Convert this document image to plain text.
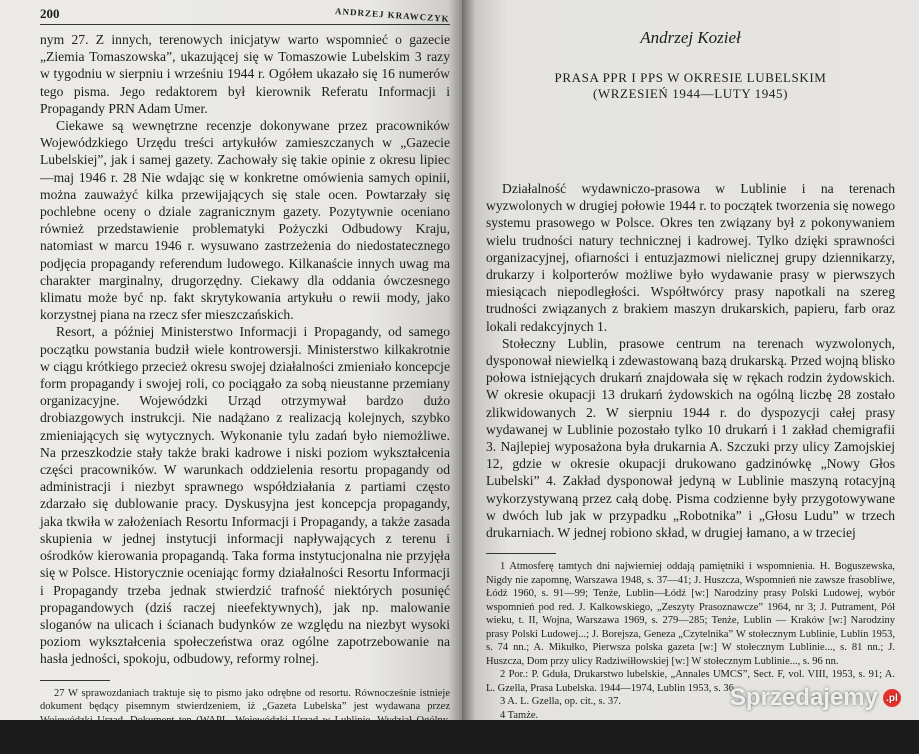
200	ANDRZEJ KRAWCZYK

nym 27. Z innych, terenowych inicjatyw warto wspomnieć o gazecie „Ziemia Tomaszowska”, ukazującej się w Tomaszowie Lubelskim 3 razy w tygodniu w sierpniu i wrześniu 1944 r. Ogółem ukazało się 16 numerów tego pisma. Jego redaktorem był kierownik Referatu Informacji i Propagandy PRN Adam Umer.

Ciekawe są wewnętrzne recenzje dokonywane przez pracowników Wojewódzkiego Urzędu treści artykułów zamieszczanych w „Gazecie Lubelskiej”, jak i samej gazety. Zachowały się takie opinie z okresu lipiec—maj 1946 r. 28 Nie wdając się w konkretne omówienia samych opinii, można zauważyć kilka przewijających się stale ocen. Powtarzały się pochlebne oceny o dziale zagranicznym gazety. Pozytywnie oceniano również przedstawienie problematyki Pożyczki Odbudowy Kraju, natomiast w marcu 1946 r. wysuwano zastrzeżenia do niedostatecznego podjęcia propagandy referendum ludowego. Kilkanaście innych uwag ma charakter marginalny, drugorzędny. Ciekawy dla oddania ówczesnego klimatu może być np. fakt skrytykowania artykułu o rewii mody, jako korzystnej piana na rzecz sfer mieszczańskich.

Resort, a później Ministerstwo Informacji i Propagandy, od samego początku powstania budził wiele kontrowersji. Ministerstwo kilkakrotnie w ciągu krótkiego przecież okresu swojej działalności zmieniało koncepcje form propagandy i swojej roli, co pociągało za sobą nieustanne przemiany organizacyjne. Wojewódzki Urząd otrzymywał bardzo dużo drobiazgowych instrukcji. Nie nadążano z realizacją kolejnych, szybko zmieniających się wytycznych. Wykonanie tylu zadań było niemożliwe. Na przeszkodzie stały także braki kadrowe i niski poziom wykształcenia części pracowników. W warunkach oddzielenia resortu propagandy od administracji i niezbyt sprawnego współdziałania z partiami często zdarzało się dublowanie pracy. Dyskusyjna jest koncepcja propagandy, jaka tkwiła w założeniach Resortu Informacji i Propagandy, a także zasada skupienia w jednej instytucji informacji napływających z terenu i ośrodków kierowania propagandą. Taka forma instytucjonalna nie przyjęła się w Polsce. Historycznie oceniając formy działalności Resortu Informacji i Propagandy trzeba jednak stwierdzić trafność niektórych posunięć propagandowych (dziś raczej nieefektywnych), jak np. malowanie sloganów na ulicach i ścianach budynków ze względu na niezbyt wysoki poziom wykształcenia społeczeństwa oraz ogólne zapotrzebowanie na hasła jedności, spokoju, odbudowy, reformy rolnej.

27 W sprawozdaniach traktuje się to pismo jako odrębne od resortu. Równocześnie istnieje dokument będący pisemnym stwierdzeniem, iż „Gazeta Lubelska” jest wydawana przez Wojewódzki Urząd. Dokument ten (WAPL, Wojewódzki Urząd w Lublinie, Wydział Ogólny, 303), niestety, bez daty, jak wynika z treści, wydany został już po rozpoczęciu edycji gazety.

28 AAN, MIP, k. 670.

Andrzej Kozieł
PRASA PPR I PPS W OKRESIE LUBELSKIM
(WRZESIEŃ 1944—LUTY 1945)

Działalność wydawniczo-prasowa w Lublinie i na terenach wyzwolonych w drugiej połowie 1944 r. to początek tworzenia się nowego systemu prasowego w Polsce. Okres ten związany był z pokonywaniem wielu trudności natury technicznej i kadrowej. Tylko dzięki sprawności organizacyjnej, ofiarności i entuzjazmowi nielicznej grupy dziennikarzy, drukarzy i kolporterów możliwe było wydawanie prasy w pierwszych miesiącach niepodległości. Współtwórcy prasy napotkali na szereg trudności związanych z brakiem maszyn drukarskich, papieru, farb oraz lokali redakcyjnych 1.

Stołeczny Lublin, prasowe centrum na terenach wyzwolonych, dysponował niewielką i zdewastowaną bazą drukarską. Przed wojną blisko połowa istniejących drukarń znajdowała się w rękach rodzin żydowskich. W okresie okupacji 13 drukarń żydowskich na ogólną liczbę 28 zostało zlikwidowanych 2. W sierpniu 1944 r. do dyspozycji całej prasy wydawanej w Lublinie pozostało tylko 10 drukarń i 1 zakład chemigrafii 3. Najlepiej wyposażona była drukarnia A. Szczuki przy ulicy Zamojskiej 12, gdzie w okresie okupacji drukowano gadzinówkę „Nowy Głos Lubelski” 4. Zakład dysponował jedyną w Lublinie maszyną rotacyjną wykorzystywaną przez całą dobę. Pisma codzienne były przygotowywane w dwóch lub jak w przypadku „Robotnika” i „Głosu Ludu” w trzech drukarniach. W jednej robiono skład, w drugiej łamano, a w trzeciej

1 Atmosferę tamtych dni najwierniej oddają pamiętniki i wspomnienia. H. Boguszewska, Nigdy nie zapomnę, Warszawa 1948, s. 37—41; J. Huszcza, Wspomnień nie zawsze frasobliwe, Łódź 1960, s. 91—99; Tenże, Lublin—Łódź [w:] Narodziny prasy Polski Ludowej, wybór wspomnień pod red. J. Kalkowskiego, „Zeszyty Prasoznawcze” 1964, nr 3; J. Putrament, Pół wieku, t. II, Wojna, Warszawa 1969, s. 279—285; Tenże, Lublin — Kraków [w:] Narodziny prasy Polski Ludowej...; J. Borejsza, Geneza „Czytelnika” W stołecznym Lublinie, Lublin 1953, s. 74 nn.; A. Mikułko, Pierwsza polska gazeta [w:] W stołecznym Lublinie..., s. 81 nn.; J. Huszcza, Dom przy ulicy Radziwiłłowskiej [w:] W stołecznym Lublinie..., s. 96 nn.

2 Por.: P. Gduła, Drukarstwo lubelskie, „Annales UMCS”, Sect. F, vol. VIII, 1953, s. 91; A. L. Gzella, Prasa Lubelska. 1944—1974, Lublin 1953, s. 36.

3 A. L. Gzella, op. cit., s. 37.

4 Tamże.

Sprzedajemy .pl
